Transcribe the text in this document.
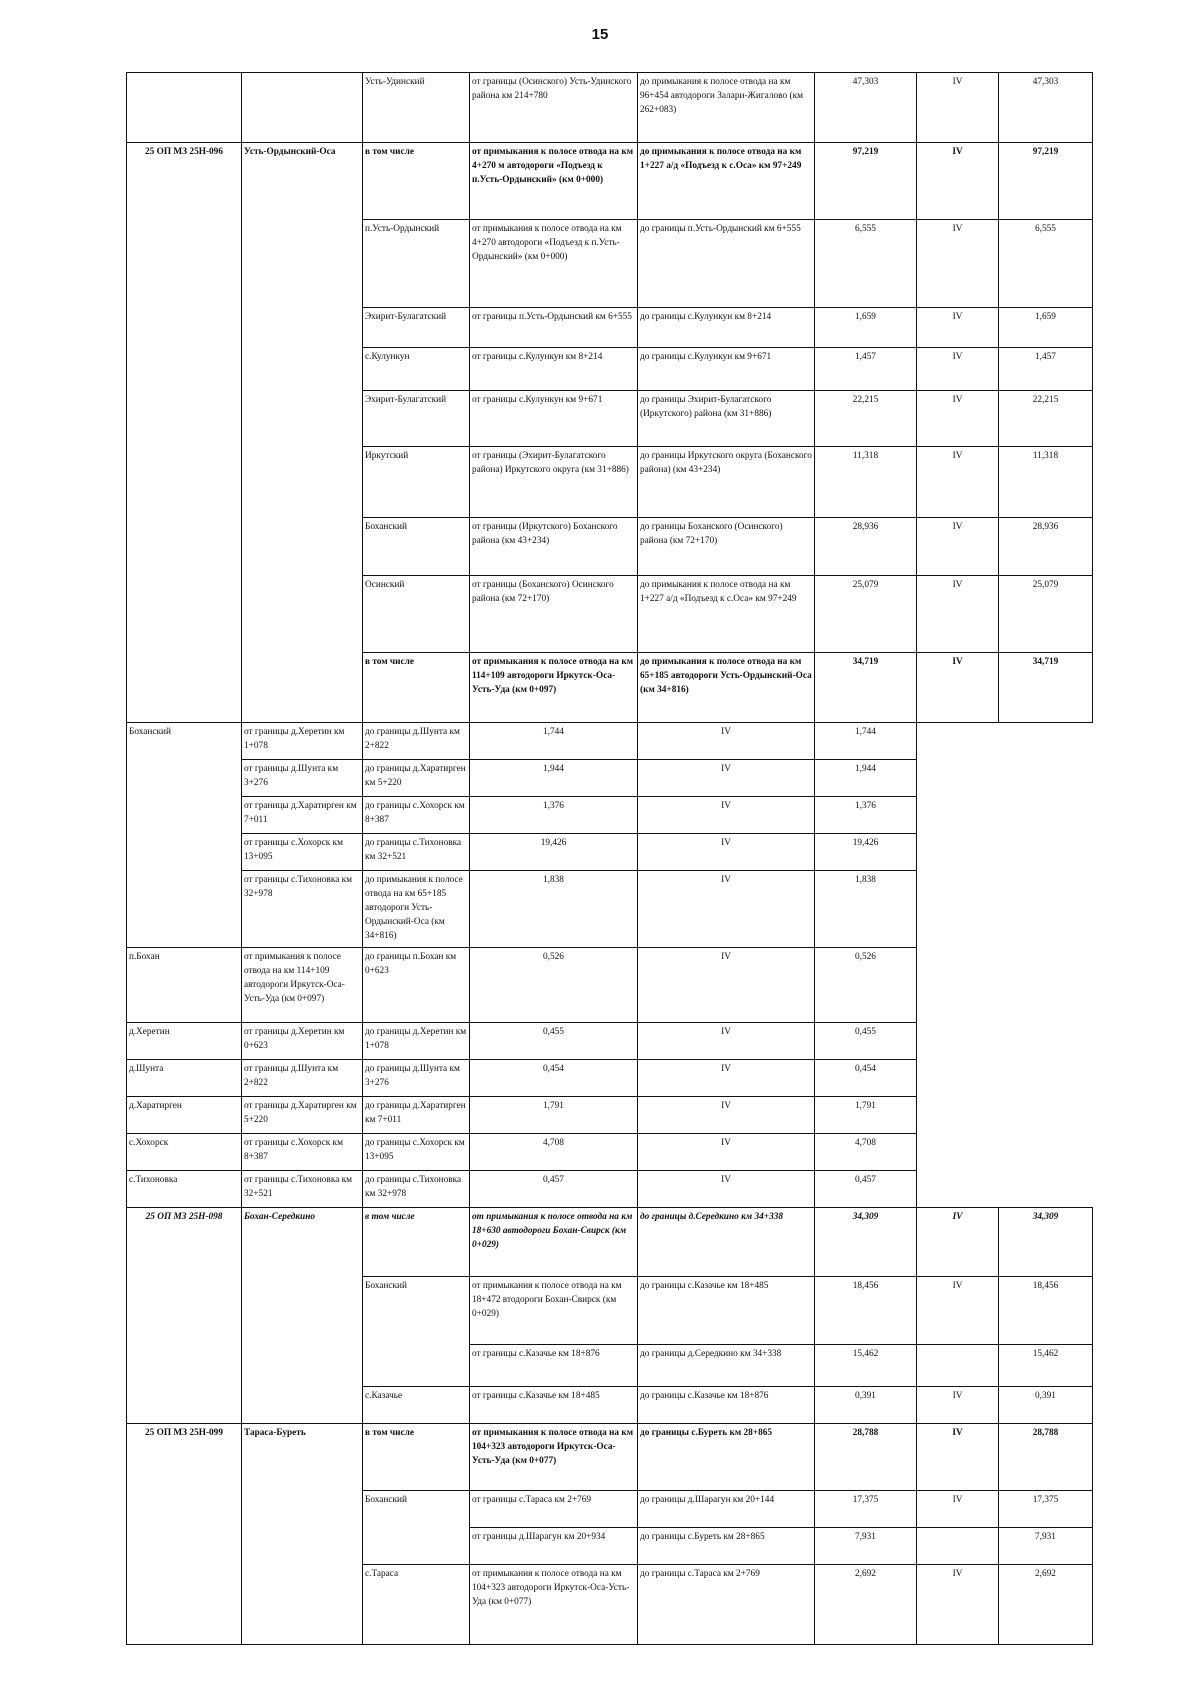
15
		Усть-Удинский	от границы (Осинского) Усть-Удинского района км 214+780	до примыкания к полосе отвода на км 96+454 автодороги Залари-Жигалово (км 262+083)	47,303	IV	47,303
25 ОП МЗ 25Н-096	Усть-Ордынский-Оса	в том числе	от примыкания к полосе отвода на км 4+270 м автодороги «Подъезд к п.Усть-Ордынский» (км 0+000)	до примыкания к полосе отвода на км 1+227 а/д «Подъезд к с.Оса» км 97+249	97,219	IV	97,219
		п.Усть-Ордынский	от примыкания к полосе отвода на км 4+270 автодороги «Подъезд к п.Усть-Ордынский» (км 0+000)	до границы п.Усть-Ордынский км 6+555	6,555	IV	6,555
		Эхирит-Булагатский	от границы п.Усть-Ордынский км 6+555	до границы с.Кулункун км 8+214	1,659	IV	1,659
		с.Кулункун	от границы с.Кулункун км 8+214	до границы с.Кулункун км 9+671	1,457	IV	1,457
		Эхирит-Булагатский	от границы с.Кулункун км 9+671	до границы Эхирит-Булагатского (Иркутского) района (км 31+886)	22,215	IV	22,215
		Иркутский	от границы (Эхирит-Булагатского района) Иркутского округа (км 31+886)	до границы Иркутского округа (Боханского района) (км 43+234)	11,318	IV	11,318
		Боханский	от границы (Иркутского) Боханского района (км 43+234)	до границы Боханского (Осинского) района (км 72+170)	28,936	IV	28,936
		Осинский	от границы (Боханского) Осинского района (км 72+170)	до примыкания к полосе отвода на км 1+227 а/д «Подъезд к с.Оса» км 97+249	25,079	IV	25,079
		в том числе	от примыкания к полосе отвода на км 114+109 автодороги Иркутск-Оса-Усть-Уда (км 0+097)	до примыкания к полосе отвода на км 65+185 автодороги Усть-Ордынский-Оса (км 34+816)	34,719	IV	34,719
Боханский	от границы д.Херетин км 1+078	до границы д.Шунта км 2+822	1,744	IV	1,744		
	от границы д.Шунта км 3+276	до границы д.Харатирген км 5+220	1,944	IV	1,944		
	от границы д.Харатирген км 7+011	до границы с.Хохорск км 8+387	1,376	IV	1,376		
	от границы с.Хохорск км 13+095	до границы с.Тихоновка км 32+521	19,426	IV	19,426		
	от границы с.Тихоновка км 32+978	до примыкания к полосе отвода на км 65+185 автодороги Усть-Ордынский-Оса (км 34+816)	1,838	IV	1,838		
п.Бохан	от примыкания к полосе отвода на км 114+109 автодороги Иркутск-Оса-Усть-Уда (км 0+097)	до границы п.Бохан км 0+623	0,526	IV	0,526		
д.Херетин	от границы д.Херетин км 0+623	до границы д.Херетин км 1+078	0,455	IV	0,455		
д.Шунта	от границы д.Шунта км 2+822	до границы д.Шунта км 3+276	0,454	IV	0,454		
д.Харатирген	от границы д.Харатирген км 5+220	до границы д.Харатирген км 7+011	1,791	IV	1,791		
с.Хохорск	от границы с.Хохорск км 8+387	до границы с.Хохорск км 13+095	4,708	IV	4,708		
с.Тихоновка	от границы с.Тихоновка км 32+521	до границы с.Тихоновка км 32+978	0,457	IV	0,457		
25 ОП МЗ 25Н-098	Бохан-Середкино	в том числе	от примыкания к полосе отвода на км 18+630 автодороги Бохан-Свирск (км 0+029)	до границы д.Середкино км 34+338	34,309	IV	34,309
		Боханский	от примыкания к полосе отвода на км 18+472 втодороги Бохан-Свирск (км 0+029)	до границы с.Казачье км 18+485	18,456	IV	18,456
			от границы с.Казачье км 18+876	до границы д.Середкино км 34+338	15,462		15,462
		с.Казачье	от границы с.Казачье км 18+485	до границы с.Казачье км 18+876	0,391	IV	0,391
25 ОП МЗ 25Н-099	Тараса-Буреть	в том числе	от примыкания к полосе отвода на км 104+323 автодороги Иркутск-Оса-Усть-Уда (км 0+077)	до границы с.Буреть км 28+865	28,788	IV	28,788
		Боханский	от границы с.Тараса км 2+769	до границы д.Шарагун км 20+144	17,375	IV	17,375
			от границы д.Шарагун км 20+934	до границы с.Буреть км 28+865	7,931		7,931
		с.Тараса	от примыкания к полосе отвода на км 104+323 автодороги Иркутск-Оса-Усть-Уда (км 0+077)	до границы с.Тараса км 2+769	2,692	IV	2,692
